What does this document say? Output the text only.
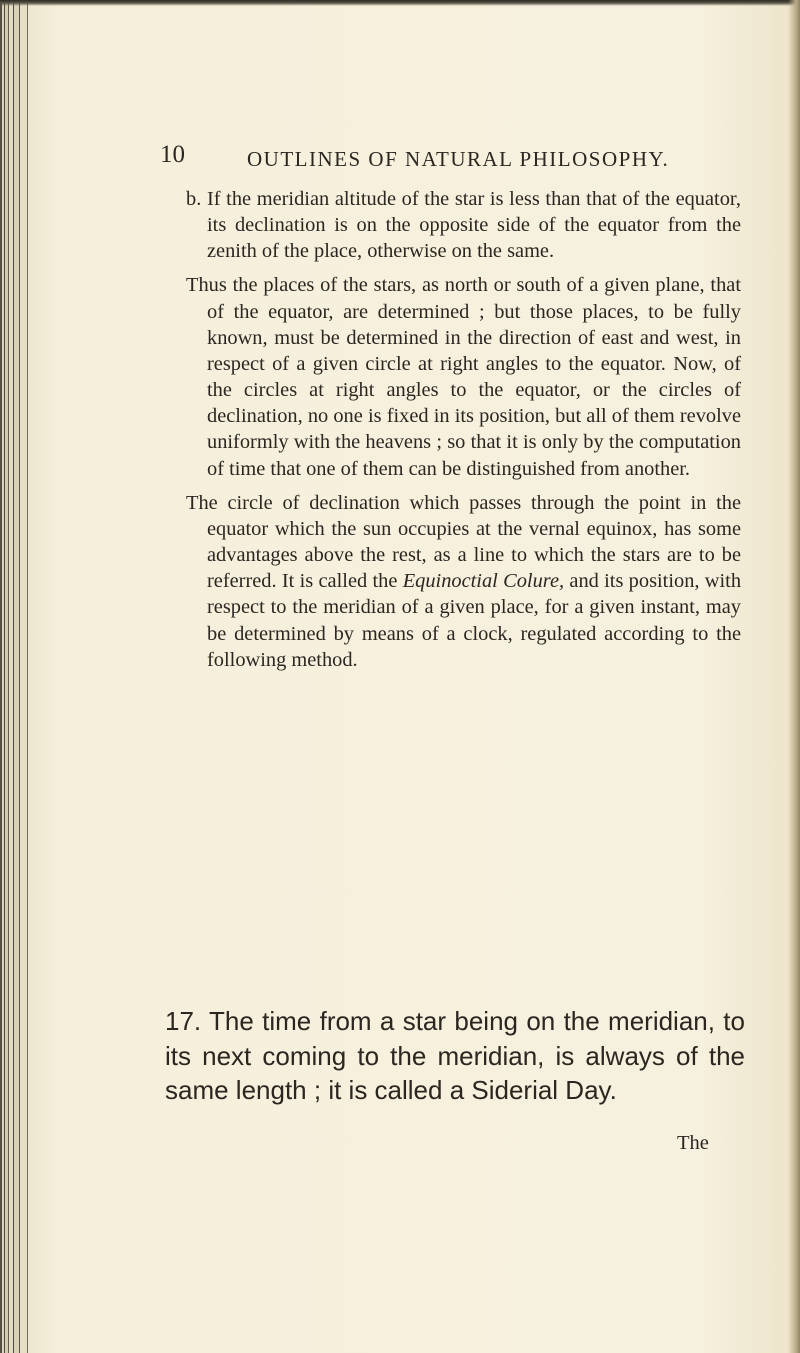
10	OUTLINES OF NATURAL PHILOSOPHY.

b. If the meridian altitude of the star is less than that of the equator, its declination is on the opposite side of the equator from the zenith of the place, otherwise on the same.

Thus the places of the stars, as north or south of a given plane, that of the equator, are determined ; but those places, to be fully known, must be determined in the direction of east and west, in respect of a given circle at right angles to the equator. Now, of the circles at right angles to the equator, or the circles of declination, no one is fixed in its position, but all of them revolve uniformly with the heavens ; so that it is only by the computation of time that one of them can be distinguished from another.

The circle of declination which passes through the point in the equator which the sun occupies at the vernal equinox, has some advantages above the rest, as a line to which the stars are to be referred. It is called the Equinoctial Colure, and its position, with respect to the meridian of a given place, for a given instant, may be determined by means of a clock, regulated according to the following method.

17. The time from a star being on the meridian, to its next coming to the meridian, is always of the same length ; it is called a Siderial Day.
The
